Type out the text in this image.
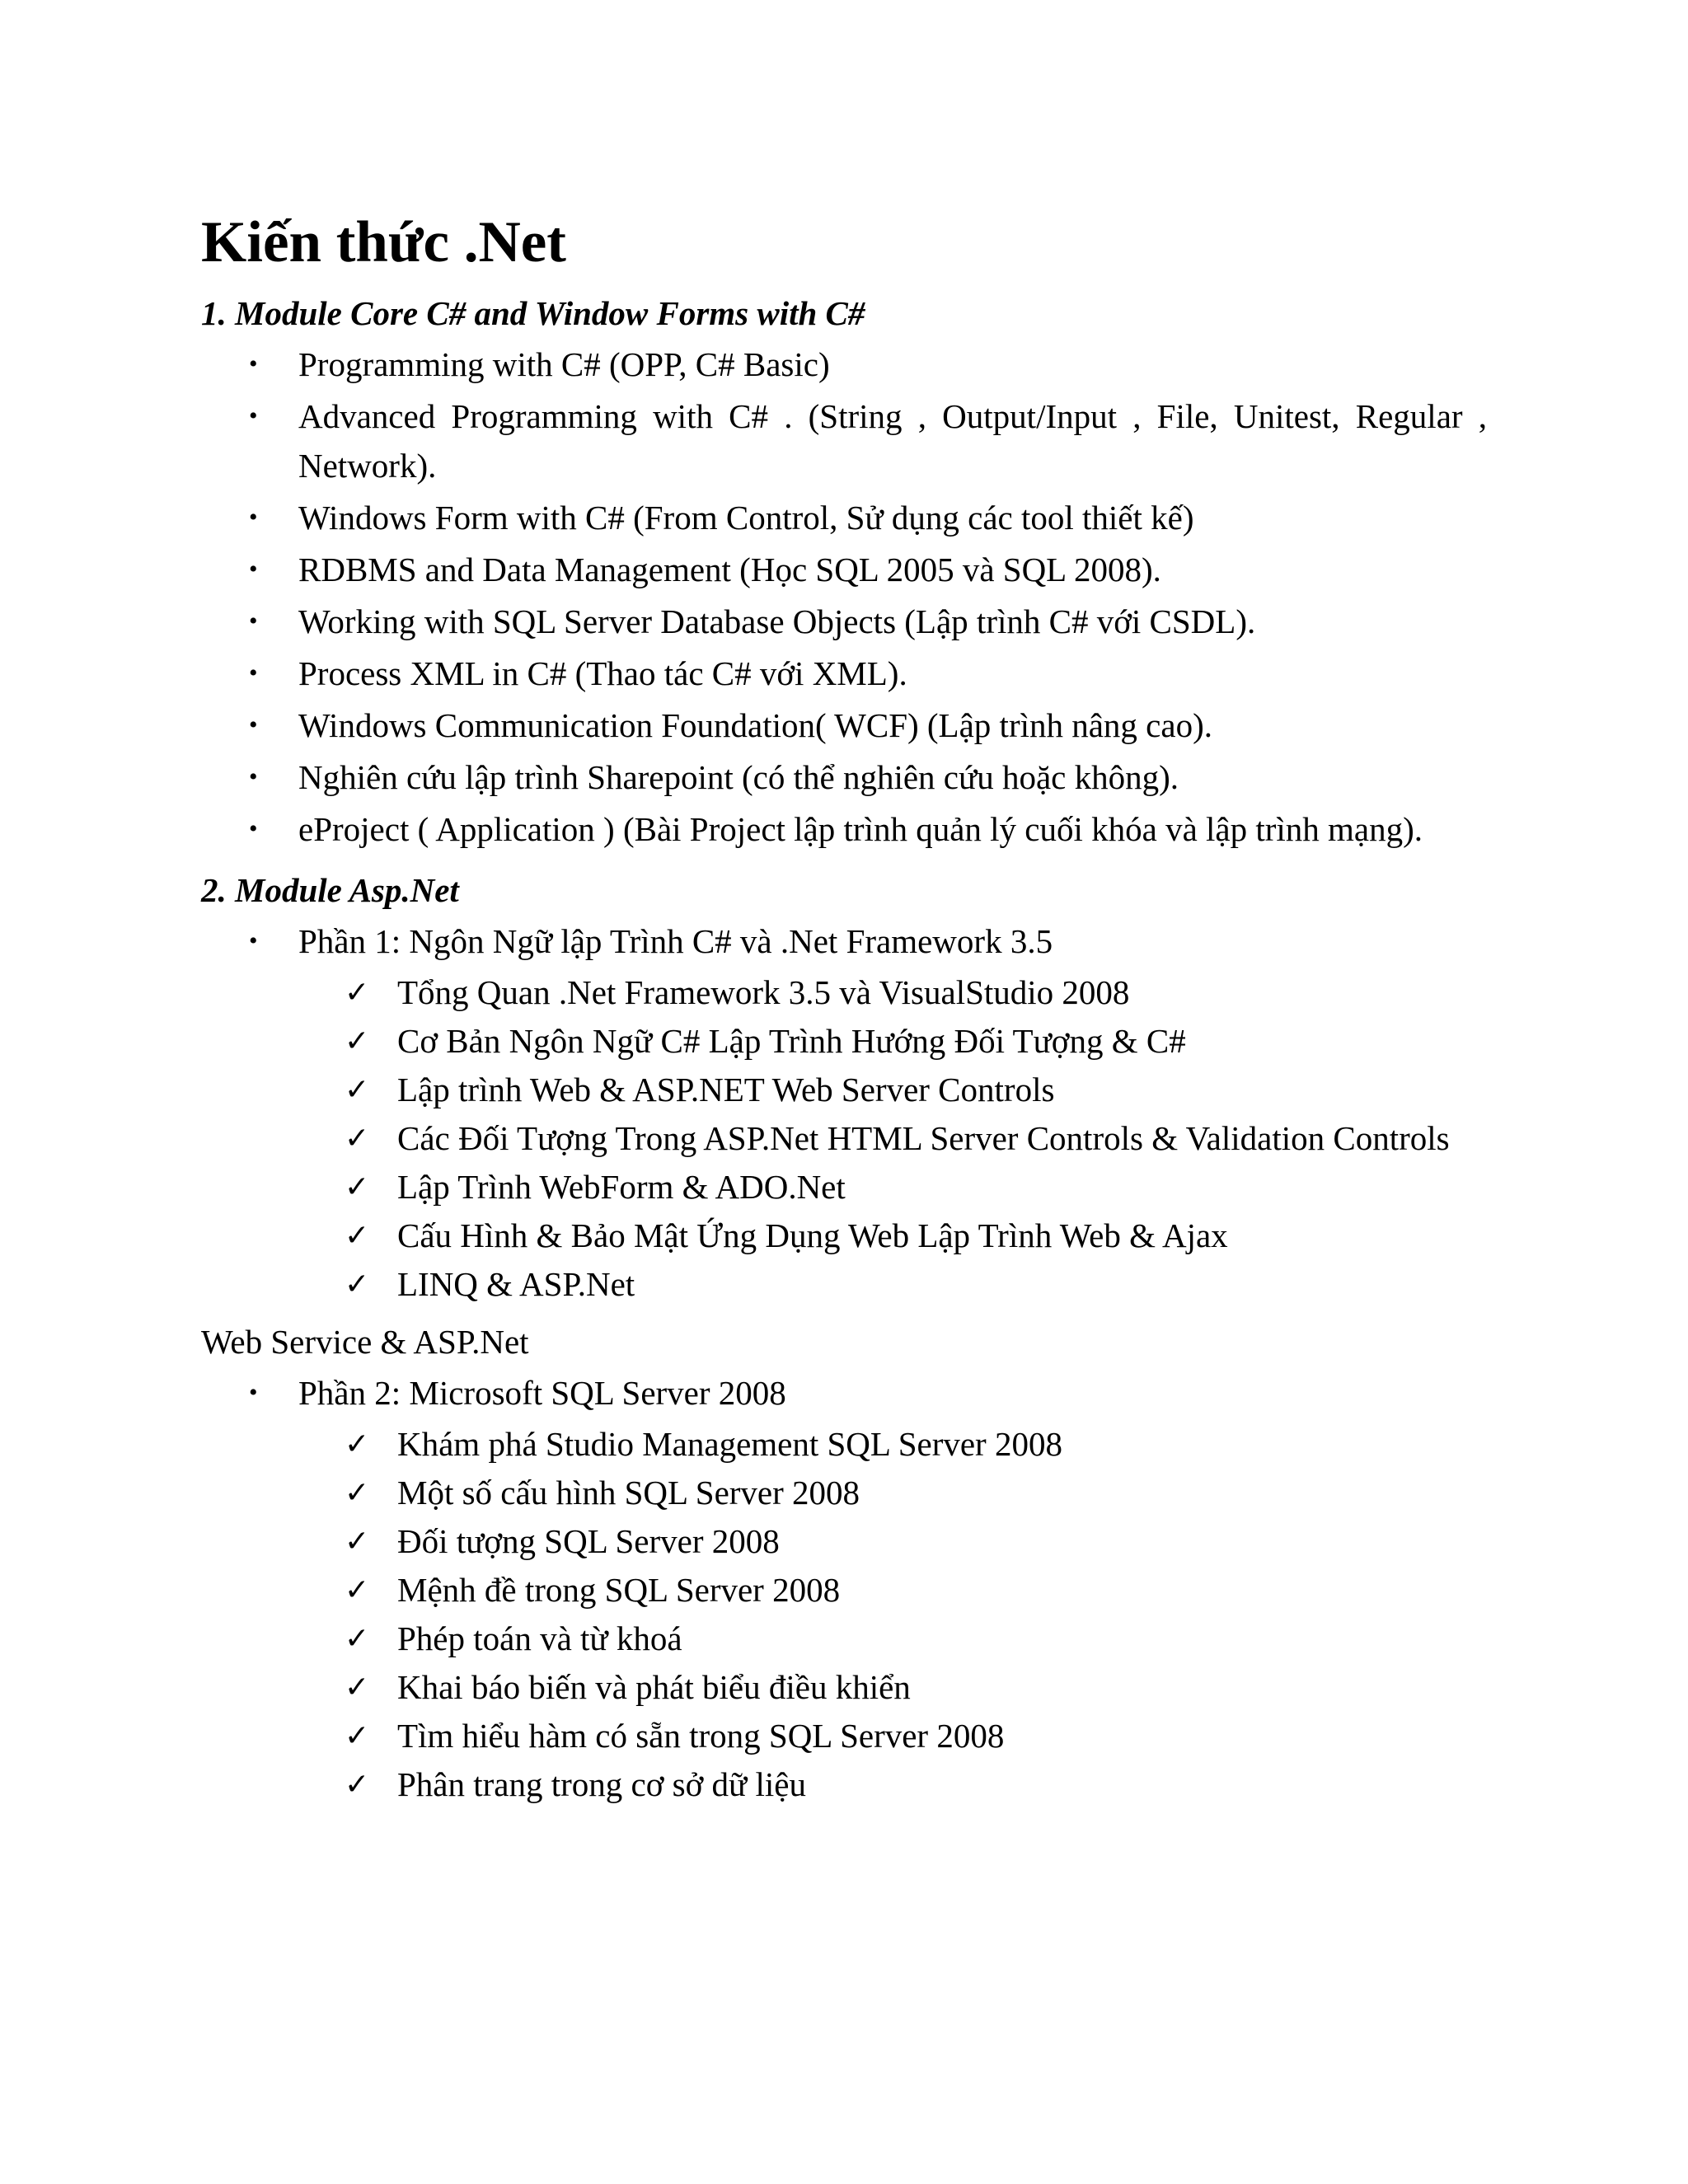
Kiến thức .Net
1. Module Core C# and Window Forms with C#
•	Programming with C# (OPP, C# Basic)
•	Advanced Programming with C# . (String , Output/Input , File, Unitest, Regular , Network).
•	Windows Form with C# (From Control, Sử dụng các tool thiết kế)
•	RDBMS and Data Management (Học SQL 2005 và SQL 2008).
•	Working with SQL Server Database Objects (Lập trình C# với CSDL).
•	Process XML in C# (Thao tác C# với XML).
•	Windows Communication Foundation( WCF) (Lập trình nâng cao).
•	Nghiên cứu lập trình Sharepoint (có thể nghiên cứu hoặc không).
•	eProject ( Application ) (Bài Project lập trình quản lý cuối khóa và lập trình mạng).
2. Module Asp.Net
•	Phần 1: Ngôn Ngữ lập Trình C# và .Net Framework 3.5
✓ Tổng Quan .Net Framework 3.5 và VisualStudio 2008
✓ Cơ Bản Ngôn Ngữ C# Lập Trình Hướng Đối Tượng & C#
✓ Lập trình Web & ASP.NET Web Server Controls
✓ Các Đối Tượng Trong ASP.Net HTML Server Controls & Validation Controls
✓ Lập Trình WebForm & ADO.Net
✓ Cấu Hình & Bảo Mật Ứng Dụng Web Lập Trình Web & Ajax
✓ LINQ & ASP.Net
Web Service & ASP.Net
•	Phần 2: Microsoft SQL Server 2008
✓ Khám phá Studio Management SQL Server 2008
✓ Một số cấu hình SQL Server 2008
✓ Đối tượng SQL Server 2008
✓ Mệnh đề trong SQL Server 2008
✓ Phép toán và từ khoá
✓ Khai báo biến và phát biểu điều khiển
✓ Tìm hiểu hàm có sẵn trong SQL Server 2008
✓ Phân trang trong cơ sở dữ liệu
